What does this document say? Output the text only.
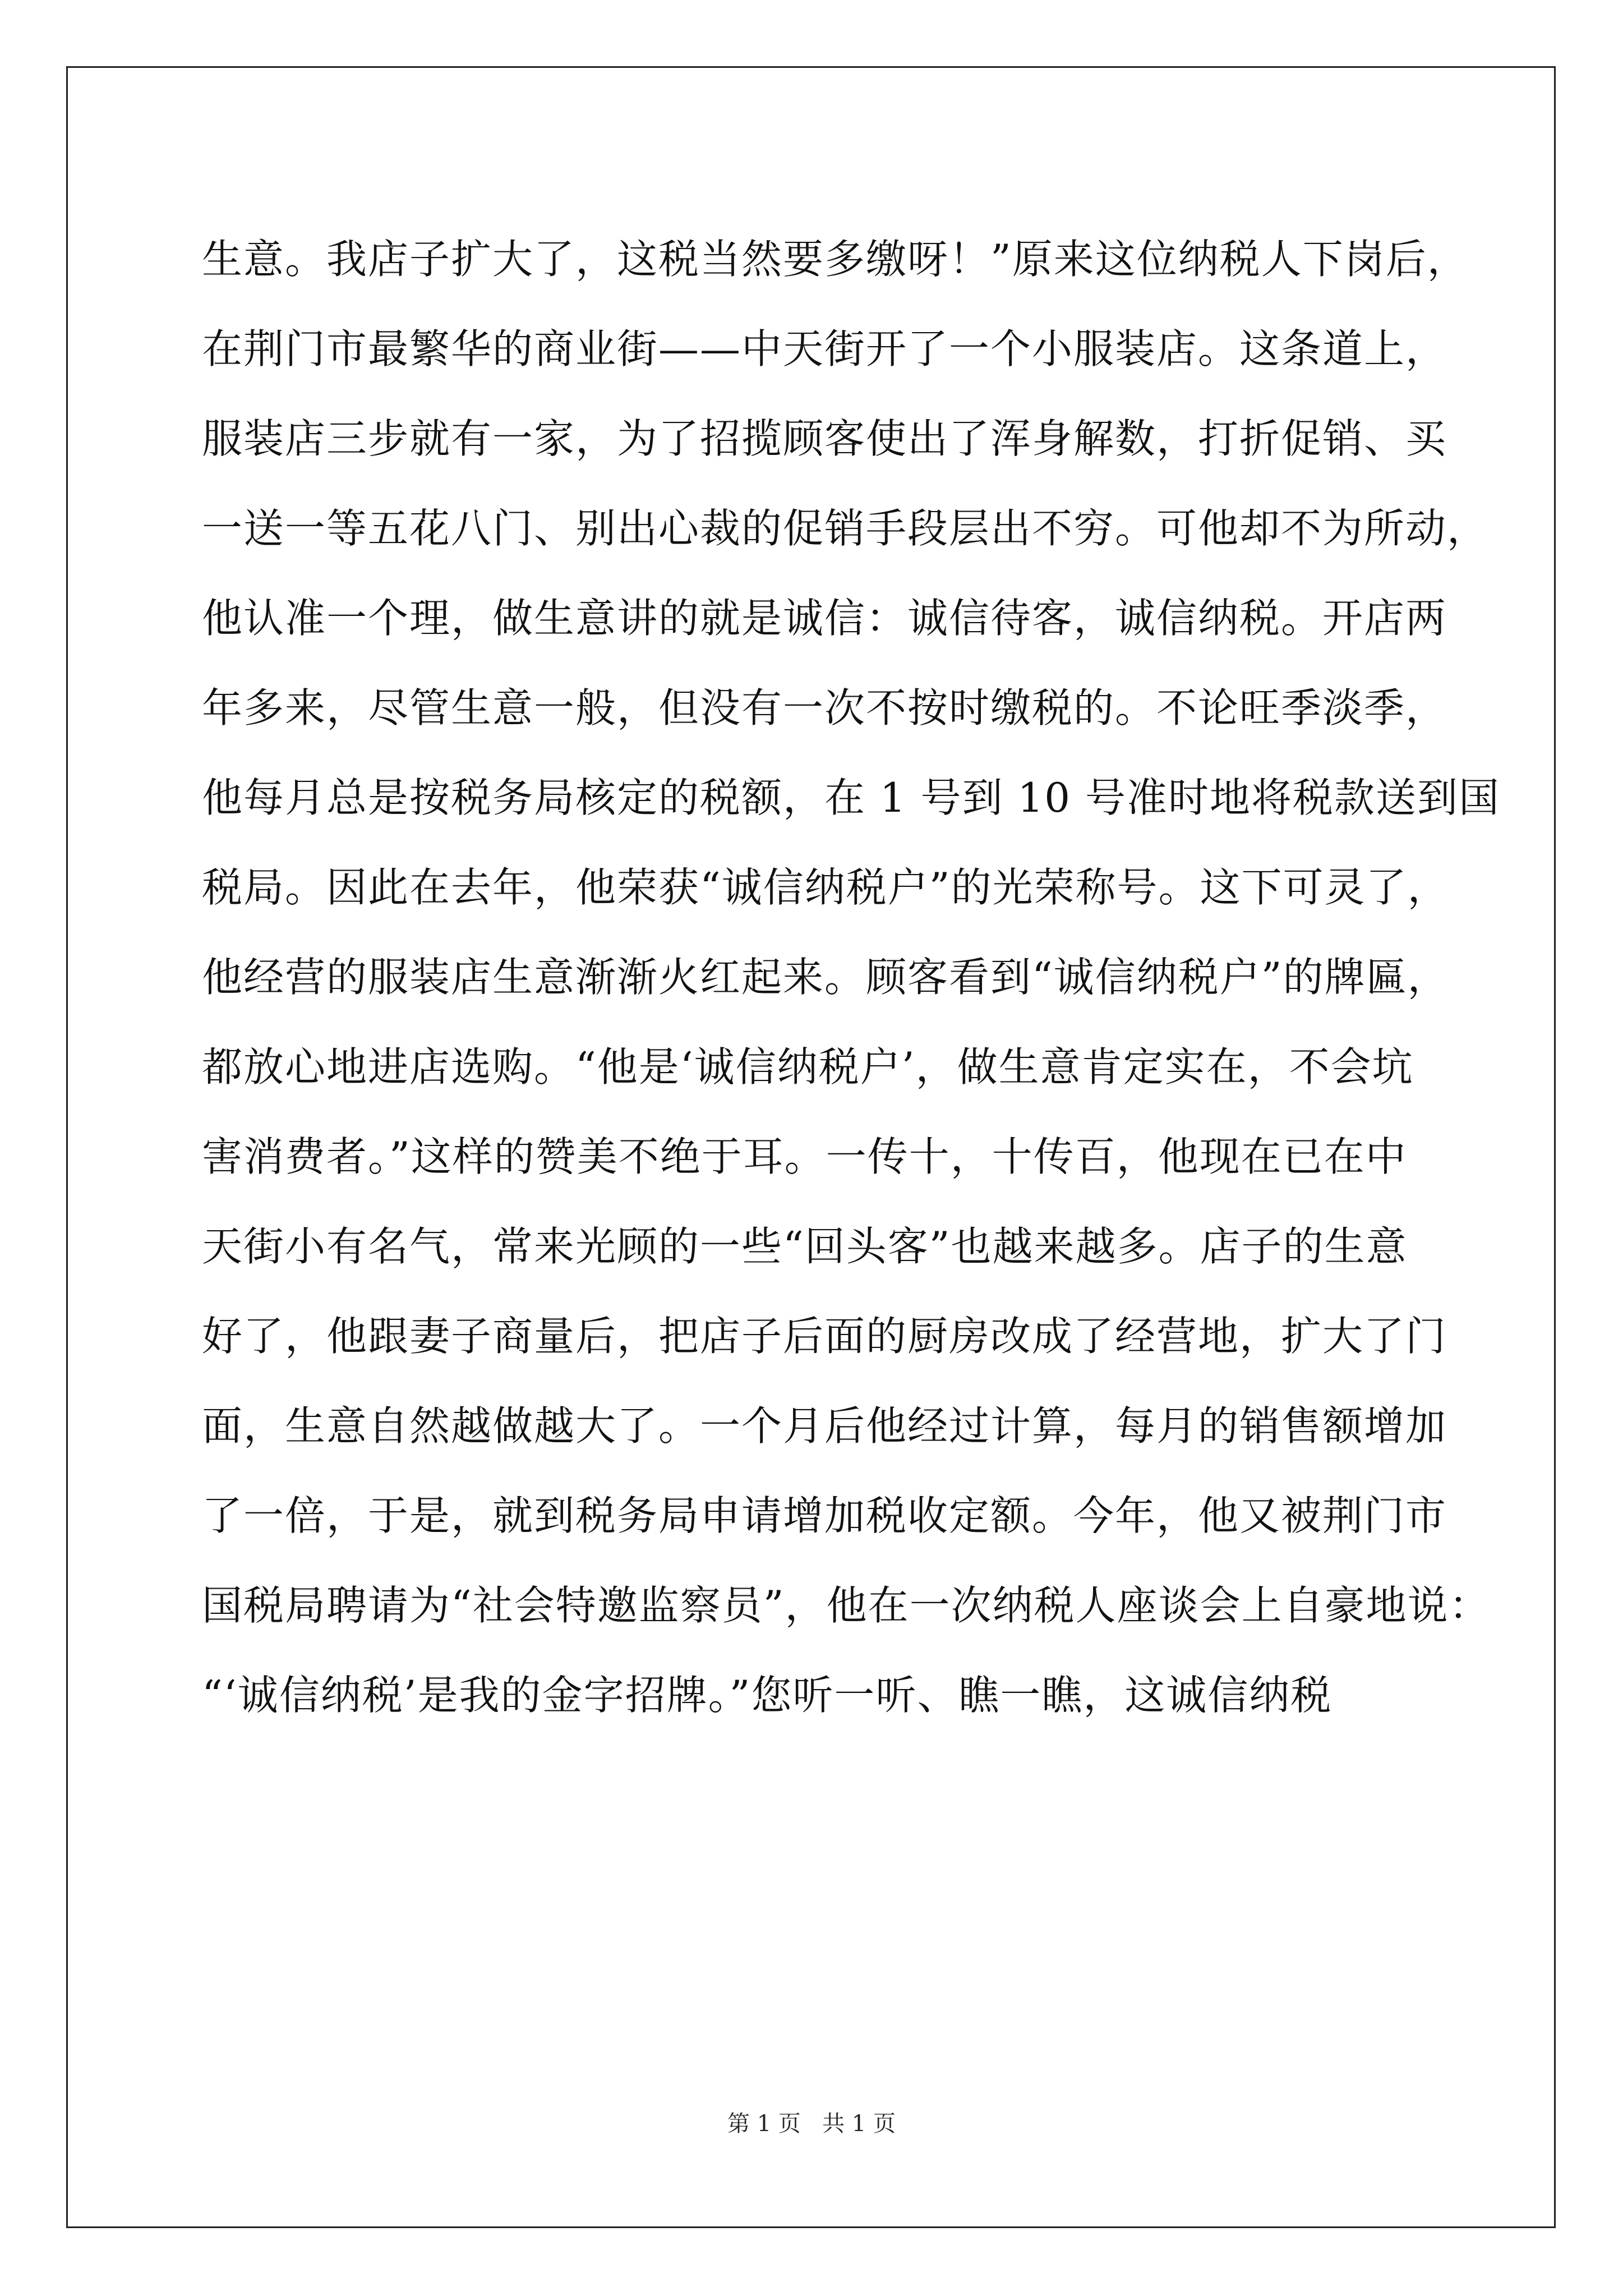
生意。我店子扩大了，这税当然要多缴呀！”原来这位纳税人下岗后，
在荆门市最繁华的商业街——中天街开了一个小服装店。这条道上，
服装店三步就有一家，为了招揽顾客使出了浑身解数，打折促销、买
一送一等五花八门、别出心裁的促销手段层出不穷。可他却不为所动，
他认准一个理，做生意讲的就是诚信：诚信待客，诚信纳税。开店两
年多来，尽管生意一般，但没有一次不按时缴税的。不论旺季淡季，
他每月总是按税务局核定的税额，在 1 号到 10 号准时地将税款送到国
税局。因此在去年，他荣获“诚信纳税户”的光荣称号。这下可灵了，
他经营的服装店生意渐渐火红起来。顾客看到“诚信纳税户”的牌匾，
都放心地进店选购。“他是‘诚信纳税户’，做生意肯定实在，不会坑
害消费者。”这样的赞美不绝于耳。一传十，十传百，他现在已在中
天街小有名气，常来光顾的一些“回头客”也越来越多。店子的生意
好了，他跟妻子商量后，把店子后面的厨房改成了经营地，扩大了门
面，生意自然越做越大了。一个月后他经过计算，每月的销售额增加
了一倍，于是，就到税务局申请增加税收定额。今年，他又被荆门市
国税局聘请为“社会特邀监察员”，他在一次纳税人座谈会上自豪地说：
“‘诚信纳税’是我的金字招牌。”您听一听、瞧一瞧，这诚信纳税
第 1 页   共 1 页
